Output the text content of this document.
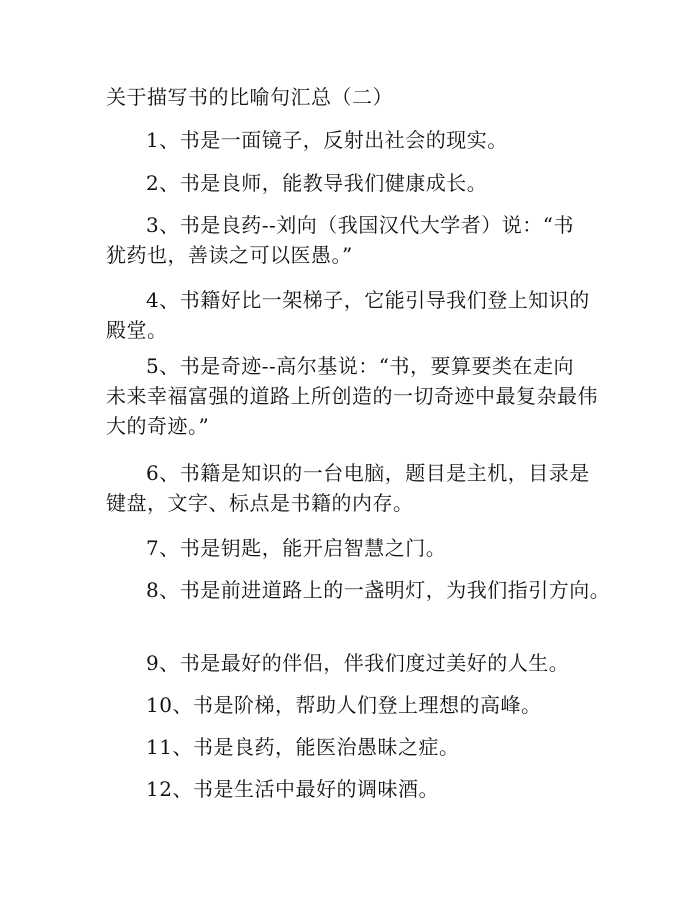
关于描写书的比喻句汇总（二）
1、书是一面镜子，反射出社会的现实。
2、书是良师，能教导我们健康成长。
3、书是良药--刘向（我国汉代大学者）说：“书
犹药也，善读之可以医愚。”
4、书籍好比一架梯子，它能引导我们登上知识的
殿堂。
5、书是奇迹--高尔基说：“书，要算要类在走向
未来幸福富强的道路上所创造的一切奇迹中最复杂最伟
大的奇迹。”
6、书籍是知识的一台电脑，题目是主机，目录是
键盘，文字、标点是书籍的内存。
7、书是钥匙，能开启智慧之门。
8、书是前进道路上的一盏明灯，为我们指引方向。
9、书是最好的伴侣，伴我们度过美好的人生。
10、书是阶梯，帮助人们登上理想的高峰。
11、书是良药，能医治愚昧之症。
12、书是生活中最好的调味酒。
